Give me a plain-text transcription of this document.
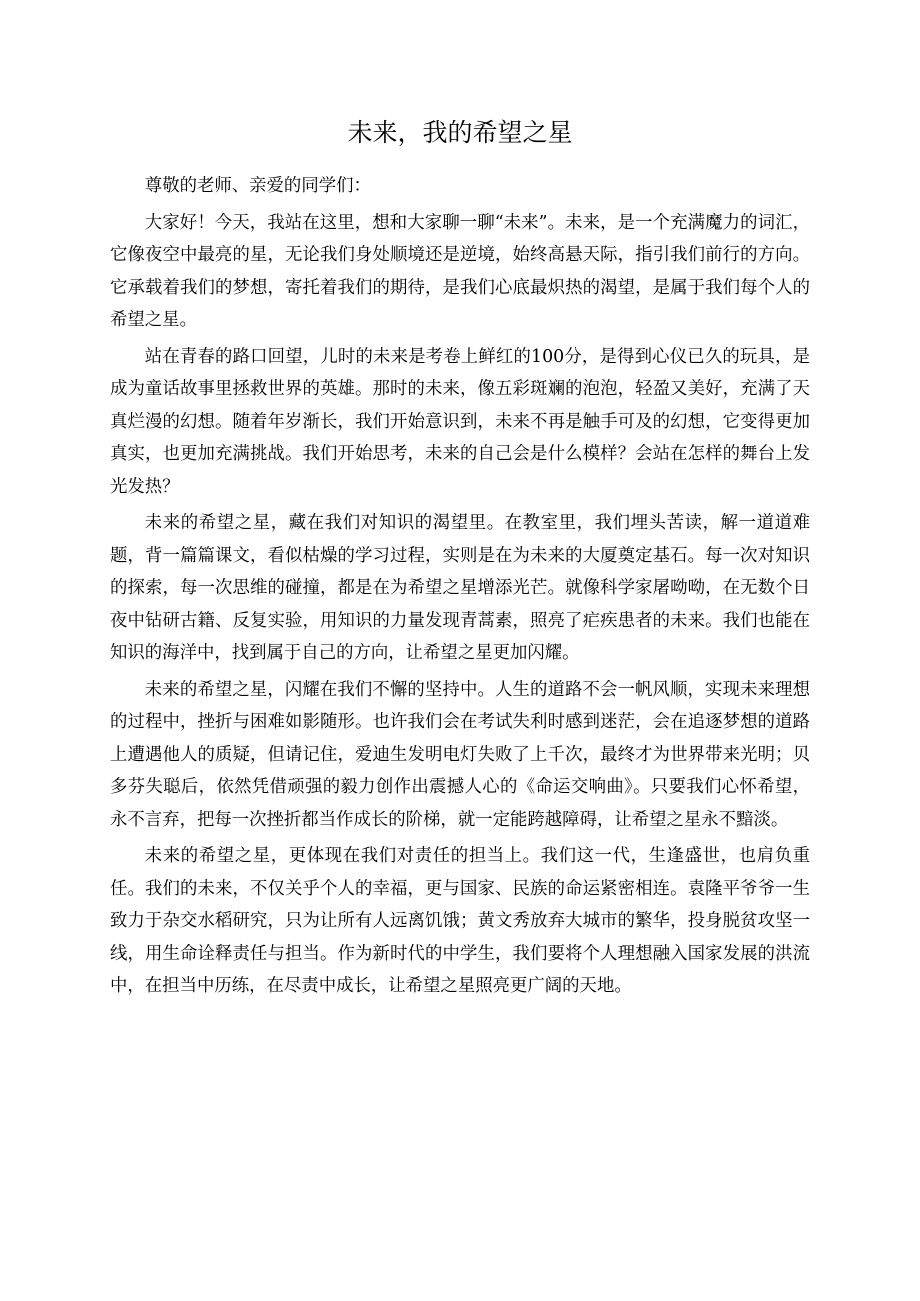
未来，我的希望之星

尊敬的老师、亲爱的同学们：

大家好！今天，我站在这里，想和大家聊一聊“未来”。未来，是一个充满魔力的词汇，它像夜空中最亮的星，无论我们身处顺境还是逆境，始终高悬天际，指引我们前行的方向。它承载着我们的梦想，寄托着我们的期待，是我们心底最炽热的渴望，是属于我们每个人的希望之星。

站在青春的路口回望，儿时的未来是考卷上鲜红的100分，是得到心仪已久的玩具，是成为童话故事里拯救世界的英雄。那时的未来，像五彩斑斓的泡泡，轻盈又美好，充满了天真烂漫的幻想。随着年岁渐长，我们开始意识到，未来不再是触手可及的幻想，它变得更加真实，也更加充满挑战。我们开始思考，未来的自己会是什么模样？会站在怎样的舞台上发光发热？

未来的希望之星，藏在我们对知识的渴望里。在教室里，我们埋头苦读，解一道道难题，背一篇篇课文，看似枯燥的学习过程，实则是在为未来的大厦奠定基石。每一次对知识的探索，每一次思维的碰撞，都是在为希望之星增添光芒。就像科学家屠呦呦，在无数个日夜中钻研古籍、反复实验，用知识的力量发现青蒿素，照亮了疟疾患者的未来。我们也能在知识的海洋中，找到属于自己的方向，让希望之星更加闪耀。

未来的希望之星，闪耀在我们不懈的坚持中。人生的道路不会一帆风顺，实现未来理想的过程中，挫折与困难如影随形。也许我们会在考试失利时感到迷茫，会在追逐梦想的道路上遭遇他人的质疑，但请记住，爱迪生发明电灯失败了上千次，最终才为世界带来光明；贝多芬失聪后，依然凭借顽强的毅力创作出震撼人心的《命运交响曲》。只要我们心怀希望，永不言弃，把每一次挫折都当作成长的阶梯，就一定能跨越障碍，让希望之星永不黯淡。

未来的希望之星，更体现在我们对责任的担当上。我们这一代，生逢盛世，也肩负重任。我们的未来，不仅关乎个人的幸福，更与国家、民族的命运紧密相连。袁隆平爷爷一生致力于杂交水稻研究，只为让所有人远离饥饿；黄文秀放弃大城市的繁华，投身脱贫攻坚一线，用生命诠释责任与担当。作为新时代的中学生，我们要将个人理想融入国家发展的洪流中，在担当中历练，在尽责中成长，让希望之星照亮更广阔的天地。
